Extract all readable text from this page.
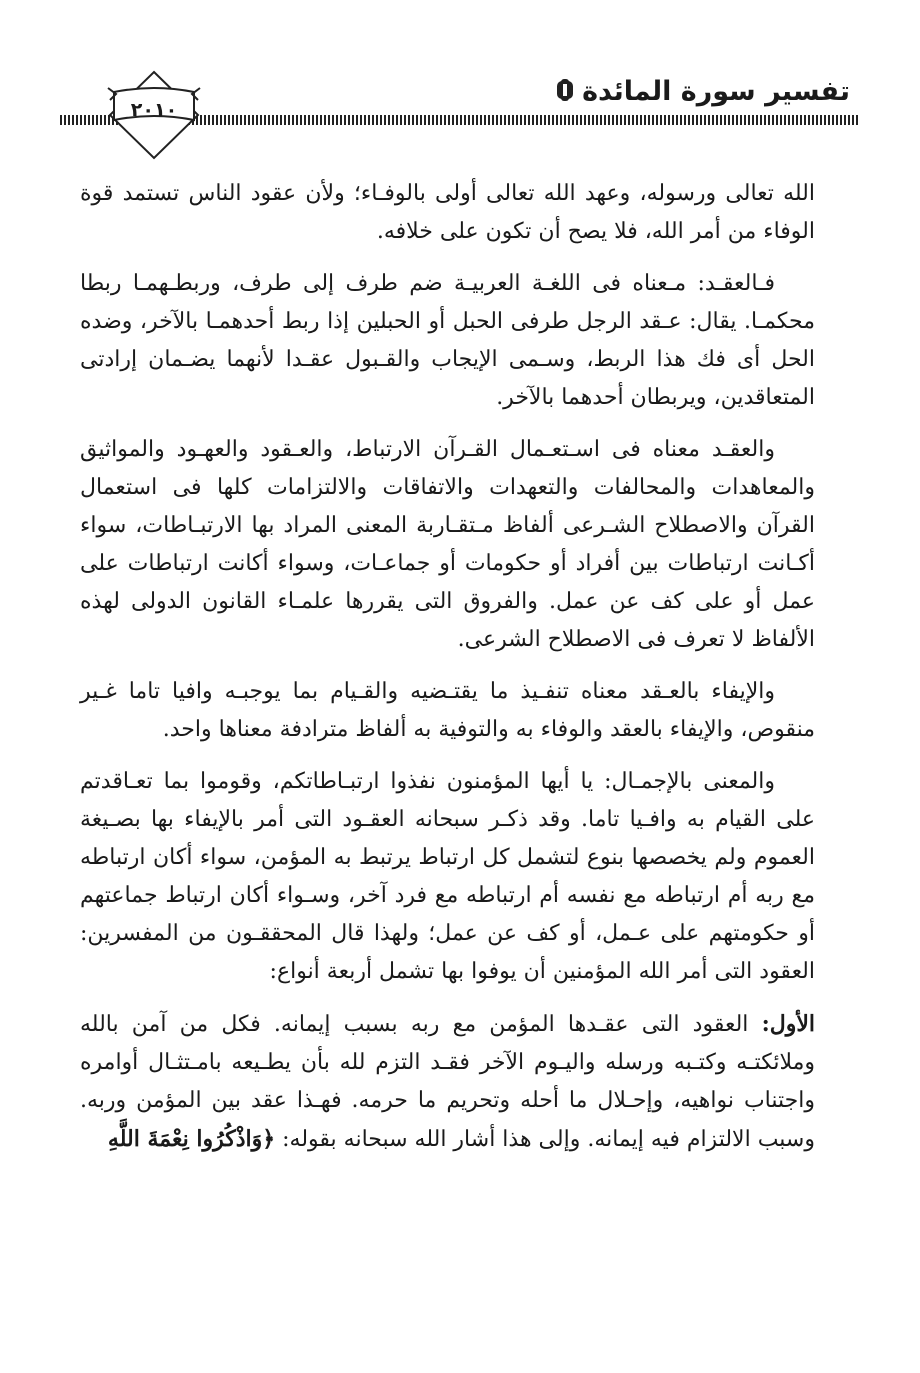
تفسير سورة المائدة
٢٠١٠

الله تعالى ورسوله، وعهد الله تعالى أولى بالوفـاء؛ ولأن عقود الناس تستمد قوة الوفاء من أمر الله، فلا يصح أن تكون على خلافه.

فـالعقـد: مـعناه فى اللغـة العربيـة ضم طرف إلى طرف، وربطـهمـا ربطا محكمـا. يقال: عـقد الرجل طرفى الحبل أو الحبلين إذا ربط أحدهمـا بالآخر، وضده الحل أى فك هذا الربط، وسـمى الإيجاب والقـبول عقـدا لأنهما يضـمان إرادتى المتعاقدين، ويربطان أحدهما بالآخر.

والعقـد معناه فى اسـتعـمال القـرآن الارتباط، والعـقود والعهـود والمواثيق والمعاهدات والمحالفات والتعهدات والاتفاقات والالتزامات كلها فى استعمال القرآن والاصطلاح الشـرعى ألفاظ مـتقـاربة المعنى المراد بها الارتبـاطات، سواء أكـانت ارتباطات بين أفراد أو حكومات أو جماعـات، وسواء أكانت ارتباطات على عمل أو على كف عن عمل. والفروق التى يقررها علمـاء القانون الدولى لهذه الألفاظ لا تعرف فى الاصطلاح الشرعى.

والإيفاء بالعـقد معناه تنفـيذ ما يقتـضيه والقـيام بما يوجبـه وافيا تاما غـير منقوص، والإيفاء بالعقد والوفاء به والتوفية به ألفاظ مترادفة معناها واحد.

والمعنى بالإجمـال: يا أيها المؤمنون نفذوا ارتبـاطاتكم، وقوموا بما تعـاقدتم على القيام به وافـيا تاما. وقد ذكـر سبحانه العقـود التى أمر بالإيفاء بها بصـيغة العموم ولم يخصصها بنوع لتشمل كل ارتباط يرتبط به المؤمن، سواء أكان ارتباطه مع ربه أم ارتباطه مع نفسه أم ارتباطه مع فرد آخر، وسـواء أكان ارتباط جماعتهم أو حكومتهم على عـمل، أو كف عن عمل؛ ولهذا قال المحققـون من المفسرين: العقود التى أمر الله المؤمنين أن يوفوا بها تشمل أربعة أنواع:

الأول: العقود التى عقـدها المؤمن مع ربه بسبب إيمانه. فكل من آمن بالله وملائكتـه وكتـبه ورسله واليـوم الآخر فقـد التزم لله بأن يطـيعه بامـتثـال أوامره واجتناب نواهيه، وإحـلال ما أحله وتحريم ما حرمه. فهـذا عقد بين المؤمن وربه. وسبب الالتزام فيه إيمانه. وإلى هذا أشار الله سبحانه بقوله: ﴿وَاذْكُرُوا نِعْمَةَ اللَّهِ
